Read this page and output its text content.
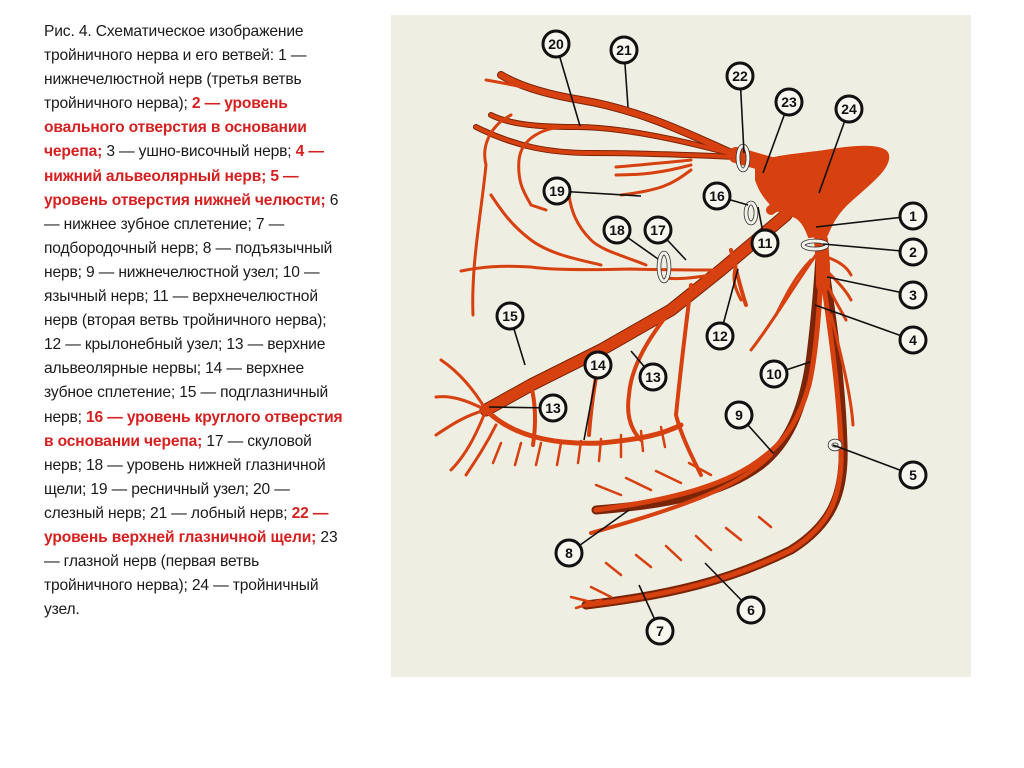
Рис. 4. Схематическое изображение тройничного нерва и его ветвей: 1 — нижнечелюстной нерв (третья ветвь тройничного нерва); 2 — уровень овального отверстия в основании черепа; 3 — ушно-височный нерв; 4 — нижний альвеолярный нерв; 5 — уровень отверстия нижней челюсти; 6 — нижнее зубное сплетение; 7 — подбородочный нерв; 8 — подъязычный нерв; 9 — нижнечелюстной узел; 10 — язычный нерв; 11 — верхнечелюстной нерв (вторая ветвь тройничного нерва); 12 — крылонебный узел; 13 — верхние альвеолярные нервы; 14 — верхнее зубное сплетение; 15 — подглазничный нерв; 16 — уровень круглого отверстия в основании черепа; 17 — скуловой нерв; 18 — уровень нижней глазничной щели; 19 — ресничный узел; 20 — слезный нерв; 21 — лобный нерв; 22 — уровень верхней глазничной щели; 23 — глазной нерв (первая ветвь тройничного нерва); 24 — тройничный узел.
1
2
3
4
5
6
7
8
9
10
11
12
13
13
14
15
16
17
18
19
20	21
22
23	24
